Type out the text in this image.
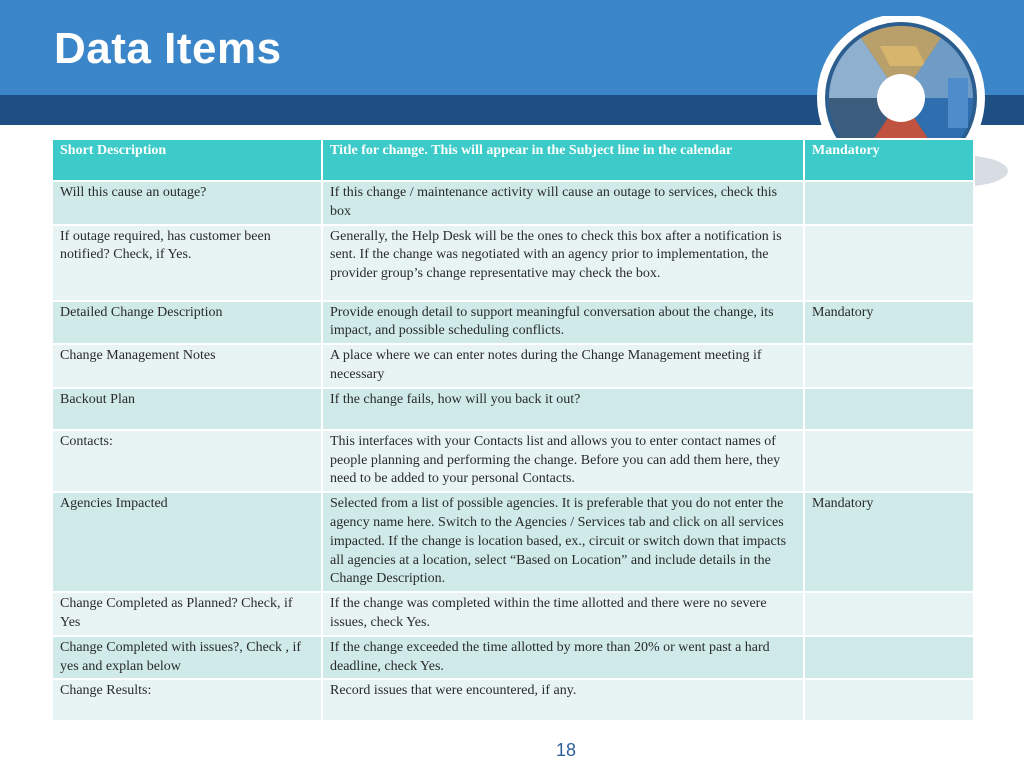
Data Items
Short Description	Title for change. This will appear in the Subject line in the calendar	Mandatory
Will this cause an outage?	If this change / maintenance activity will cause an outage to services, check this box	
If outage required, has customer been notified? Check, if Yes.	Generally, the Help Desk will be the ones to check this box after a notification is sent. If the change was negotiated with an agency prior to implementation, the provider group’s change representative may check the box.	
Detailed Change Description	Provide enough detail to support meaningful conversation about the change, its impact, and possible scheduling conflicts.	Mandatory
Change Management Notes	A place where we can enter notes during the Change Management meeting if necessary	
Backout Plan	If the change fails, how will you back it out?	
Contacts:	This interfaces with your Contacts list and allows you to enter contact names of people planning and performing the change. Before you can add them here, they need to be added to your personal Contacts.	
Agencies Impacted	Selected from a list of possible agencies. It is preferable that you do not enter the agency name here. Switch to the Agencies / Services tab and click on all services impacted. If the change is location based, ex., circuit or switch down that impacts all agencies at a location, select “Based on Location” and include details in the Change Description.	Mandatory
Change Completed as Planned? Check, if Yes	If the change was completed within the time allotted and there were no severe issues, check Yes.	
Change Completed with issues?, Check , if yes and explan below	If the change exceeded the time allotted by more than 20% or went past a hard deadline, check Yes.	
Change Results:	Record issues that were encountered, if any.	
18
